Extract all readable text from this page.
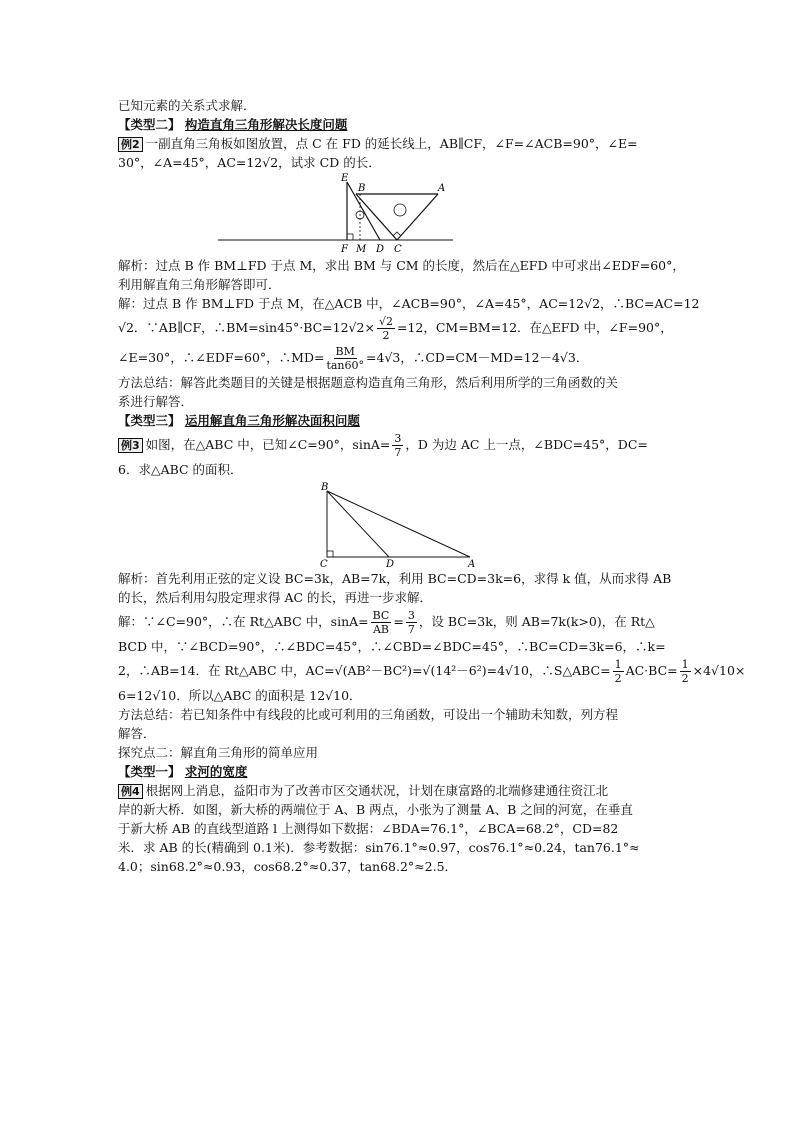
已知元素的关系式求解．
【类型二】 构造直角三角形解决长度问题
例2 一副直角三角板如图放置，点 C 在 FD 的延长线上，AB∥CF，∠F=∠ACB=90°，∠E=
30°，∠A=45°，AC=12√2，试求 CD 的长．
E
B	A
F M D C
解析：过点 B 作 BM⊥FD 于点 M，求出 BM 与 CM 的长度，然后在△EFD 中可求出∠EDF=60°，
利用解直角三角形解答即可．
解：过点 B 作 BM⊥FD 于点 M，在△ACB 中，∠ACB=90°，∠A=45°，AC=12√2，∴BC=AC=12
√2．∵AB∥CF，∴BM=sin45°·BC=12√2× $\frac{√2}{2} =12$，CM=BM=12．在△EFD 中，∠F=90°，
∠E=30°，∴∠EDF=60°，∴MD= $\frac{BM}{\tan 60^\circ} =4√3$，∴CD=CM－MD=12－4√3．
方法总结：解答此类题目的关键是根据题意构造直角三角形，然后利用所学的三角函数的关
系进行解答．
【类型三】 运用解直角三角形解决面积问题
例3 如图，在△ABC 中，已知∠C=90°，$\sin A= \frac{3}{7}$ ，D 为边 AC 上一点，∠BDC=45°，DC=
6．求△ABC 的面积．
B
C	D	A
解析：首先利用正弦的定义设 BC=3k，AB=7k，利用 BC=CD=3k=6，求得 k 值，从而求得 AB
的长，然后利用勾股定理求得 AC 的长，再进一步求解．
解：∵∠C=90°，∴在 Rt△ABC 中，$\sin A= \frac{BC}{AB} = \frac{3}{7}$ ，设 BC=3k，则 AB=7k(k>0)，在 Rt△
BCD 中，∵∠BCD=90°，∴∠BDC=45°，∴∠CBD=∠BDC=45°，∴BC=CD=3k=6，∴k=
2，∴AB=14．在 Rt△ABC 中，AC=√(AB²－BC²)=√(14²－6²)=4√10，∴S△ABC= $\frac{1}{2} AC\cdot BC= \frac{1}{2} \times 4√10\times$
6=12√10．所以△ABC 的面积是 12√10．
方法总结：若已知条件中有线段的比或可利用的三角函数，可设出一个辅助未知数，列方程
解答．
探究点二：解直角三角形的简单应用
【类型一】 求河的宽度
例4 根据网上消息，益阳市为了改善市区交通状况，计划在康富路的北端修建通往资江北
岸的新大桥．如图，新大桥的两端位于 A、B 两点，小张为了测量 A、B 之间的河宽，在垂直
于新大桥 AB 的直线型道路 l 上测得如下数据：∠BDA=76.1°，∠BCA=68.2°，CD=82
米．求 AB 的长(精确到 0.1米)．参考数据：sin76.1°≈0.97，cos76.1°≈0.24，tan76.1°≈
4.0；sin68.2°≈0.93，cos68.2°≈0.37，tan68.2°≈2.5．
